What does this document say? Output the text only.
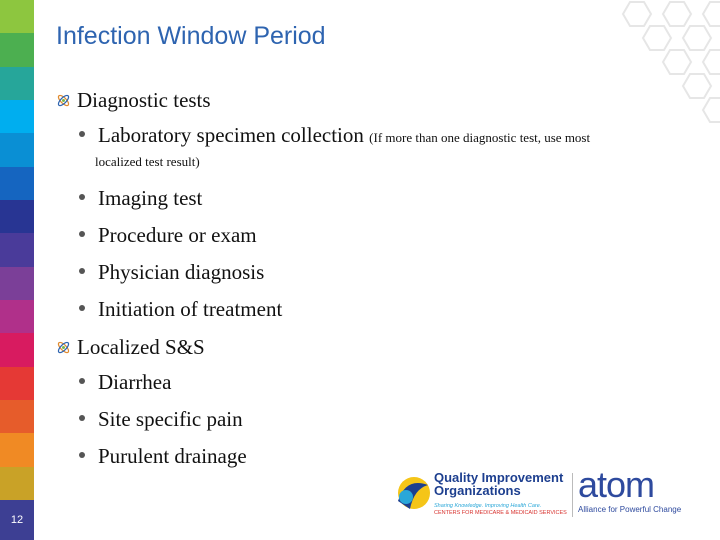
12
Infection Window Period
Diagnostic tests
Laboratory specimen collection (If more than one diagnostic test, use most
localized test result)
Imaging test
Procedure or exam
Physician diagnosis
Initiation of treatment
Localized S&S
Diarrhea
Site specific pain
Purulent drainage
Quality Improvement
Organizations
Sharing Knowledge. Improving Health Care.
CENTERS FOR MEDICARE & MEDICAID SERVICES
atom
Alliance for Powerful Change
